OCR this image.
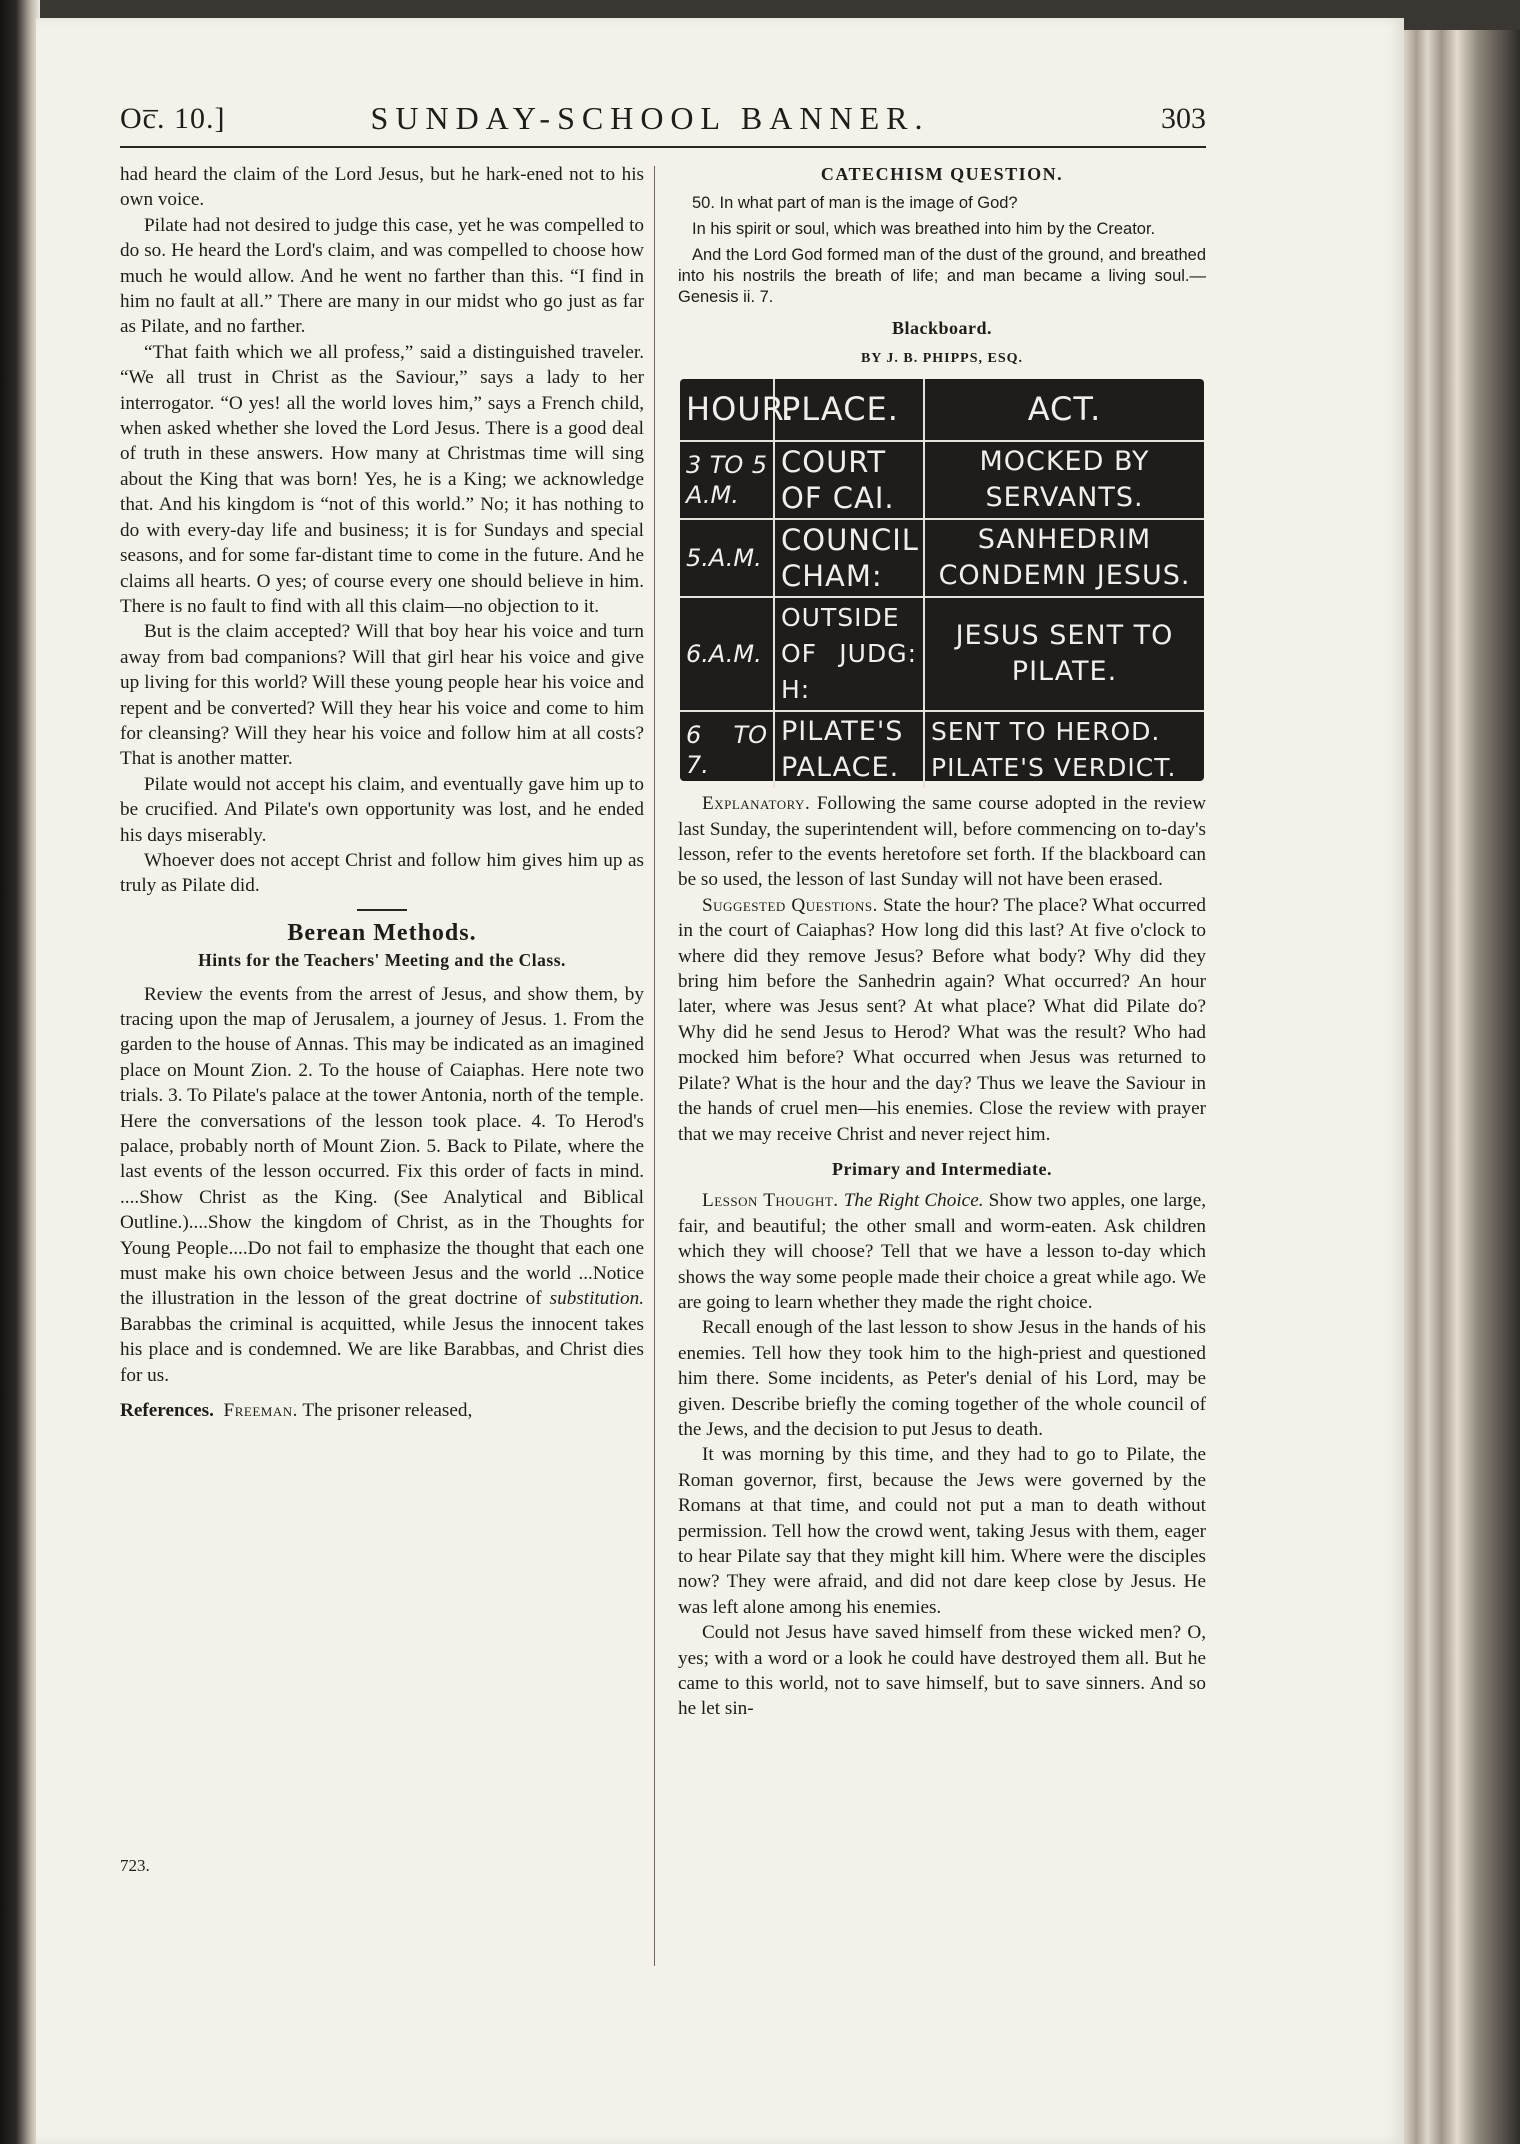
Oc̅. 10.]	SUNDAY-SCHOOL BANNER.	303

had heard the claim of the Lord Jesus, but he hark-ened not to his own voice.

Pilate had not desired to judge this case, yet he was compelled to do so. He heard the Lord's claim, and was compelled to choose how much he would allow. And he went no farther than this. “I find in him no fault at all.” There are many in our midst who go just as far as Pilate, and no farther.

“That faith which we all profess,” said a distinguished traveler. “We all trust in Christ as the Saviour,” says a lady to her interrogator. “O yes! all the world loves him,” says a French child, when asked whether she loved the Lord Jesus. There is a good deal of truth in these answers. How many at Christmas time will sing about the King that was born! Yes, he is a King; we acknowledge that. And his kingdom is “not of this world.” No; it has nothing to do with every-day life and business; it is for Sundays and special seasons, and for some far-distant time to come in the future. And he claims all hearts. O yes; of course every one should believe in him. There is no fault to find with all this claim—no objection to it.

But is the claim accepted? Will that boy hear his voice and turn away from bad companions? Will that girl hear his voice and give up living for this world? Will these young people hear his voice and repent and be converted? Will they hear his voice and come to him for cleansing? Will they hear his voice and follow him at all costs? That is another matter.

Pilate would not accept his claim, and eventually gave him up to be crucified. And Pilate's own opportunity was lost, and he ended his days miserably.

Whoever does not accept Christ and follow him gives him up as truly as Pilate did.

Berean Methods.
Hints for the Teachers' Meeting and the Class.

Review the events from the arrest of Jesus, and show them, by tracing upon the map of Jerusalem, a journey of Jesus. 1. From the garden to the house of Annas. This may be indicated as an imagined place on Mount Zion. 2. To the house of Caiaphas. Here note two trials. 3. To Pilate's palace at the tower Antonia, north of the temple. Here the conversations of the lesson took place. 4. To Herod's palace, probably north of Mount Zion. 5. Back to Pilate, where the last events of the lesson occurred. Fix this order of facts in mind. ....Show Christ as the King. (See Analytical and Biblical Outline.)....Show the kingdom of Christ, as in the Thoughts for Young People....Do not fail to emphasize the thought that each one must make his own choice between Jesus and the world ...Notice the illustration in the lesson of the great doctrine of substitution. Barabbas the criminal is acquitted, while Jesus the innocent takes his place and is condemned. We are like Barabbas, and Christ dies for us.

References. Freeman. The prisoner released,

723.
CATECHISM QUESTION.

50. In what part of man is the image of God?

In his spirit or soul, which was breathed into him by the Creator.

And the Lord God formed man of the dust of the ground, and breathed into his nostrils the breath of life; and man became a living soul.—Genesis ii. 7.

Blackboard.
BY J. B. PHIPPS, ESQ.
HOUR.	PLACE.	ACT.
3 TO 5 A.M.	COURT OF CAI.	MOCKED BY SERVANTS.
5.A.M.	COUNCIL CHAM:	SANHEDRIM CONDEMN JESUS.
6.A.M.	OUTSIDE OF JUDG: H:	JESUS SENT TO PILATE.
6 TO 7.	PILATE'S PALACE.	SENT TO HEROD. PILATE'S VERDICT.

Explanatory. Following the same course adopted in the review last Sunday, the superintendent will, before commencing on to-day's lesson, refer to the events heretofore set forth. If the blackboard can be so used, the lesson of last Sunday will not have been erased.

Suggested Questions. State the hour? The place? What occurred in the court of Caiaphas? How long did this last? At five o'clock to where did they remove Jesus? Before what body? Why did they bring him before the Sanhedrin again? What occurred? An hour later, where was Jesus sent? At what place? What did Pilate do? Why did he send Jesus to Herod? What was the result? Who had mocked him before? What occurred when Jesus was returned to Pilate? What is the hour and the day? Thus we leave the Saviour in the hands of cruel men—his enemies. Close the review with prayer that we may receive Christ and never reject him.

Primary and Intermediate.

Lesson Thought. The Right Choice. Show two apples, one large, fair, and beautiful; the other small and worm-eaten. Ask children which they will choose? Tell that we have a lesson to-day which shows the way some people made their choice a great while ago. We are going to learn whether they made the right choice.

Recall enough of the last lesson to show Jesus in the hands of his enemies. Tell how they took him to the high-priest and questioned him there. Some incidents, as Peter's denial of his Lord, may be given. Describe briefly the coming together of the whole council of the Jews, and the decision to put Jesus to death.

It was morning by this time, and they had to go to Pilate, the Roman governor, first, because the Jews were governed by the Romans at that time, and could not put a man to death without permission. Tell how the crowd went, taking Jesus with them, eager to hear Pilate say that they might kill him. Where were the disciples now? They were afraid, and did not dare keep close by Jesus. He was left alone among his enemies.

Could not Jesus have saved himself from these wicked men? O, yes; with a word or a look he could have destroyed them all. But he came to this world, not to save himself, but to save sinners. And so he let sin-
